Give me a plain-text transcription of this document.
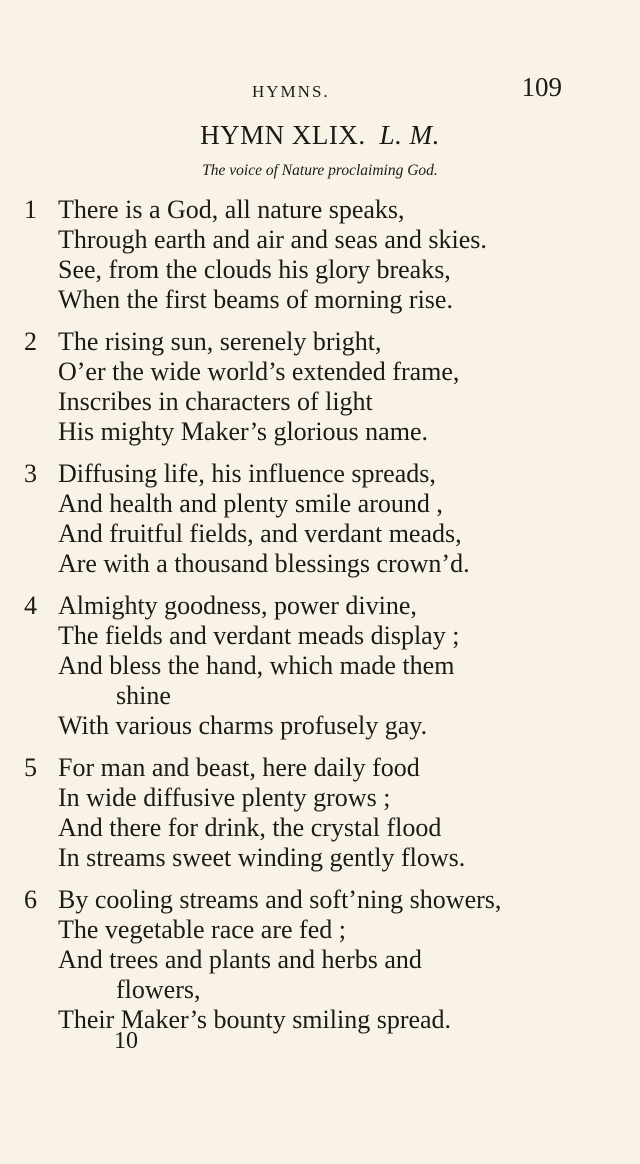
HYMNS.	109
HYMN XLIX. L. M.
The voice of Nature proclaiming God.
1 There is a God, all nature speaks,
Through earth and air and seas and skies.
See, from the clouds his glory breaks,
When the first beams of morning rise.
2 The rising sun, serenely bright,
O’er the wide world’s extended frame,
Inscribes in characters of light
His mighty Maker’s glorious name.
3 Diffusing life, his influence spreads,
And health and plenty smile around ,
And fruitful fields, and verdant meads,
Are with a thousand blessings crown’d.
4 Almighty goodness, power divine,
The fields and verdant meads display ;
And bless the hand, which made them
shine
With various charms profusely gay.
5 For man and beast, here daily food
In wide diffusive plenty grows ;
And there for drink, the crystal flood
In streams sweet winding gently flows.
6 By cooling streams and soft’ning showers,
The vegetable race are fed ;
And trees and plants and herbs and
flowers,
Their Maker’s bounty smiling spread.
10
